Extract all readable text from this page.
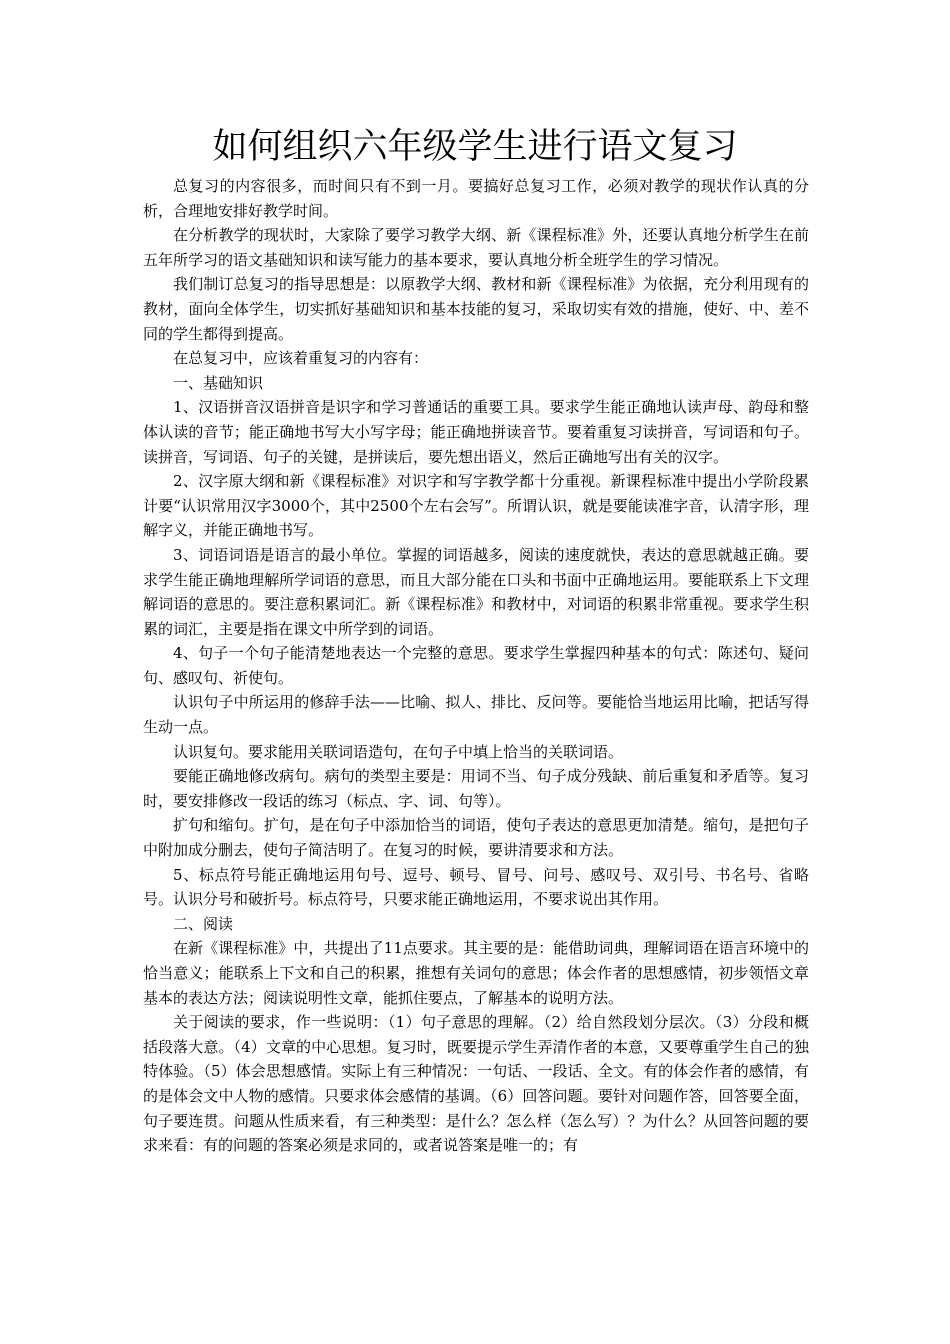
如何组织六年级学生进行语文复习

总复习的内容很多，而时间只有不到一月。要搞好总复习工作，必须对教学的现状作认真的分析，合理地安排好教学时间。

在分析教学的现状时，大家除了要学习教学大纲、新《课程标准》外，还要认真地分析学生在前五年所学习的语文基础知识和读写能力的基本要求，要认真地分析全班学生的学习情况。

我们制订总复习的指导思想是：以原教学大纲、教材和新《课程标准》为依据，充分利用现有的教材，面向全体学生，切实抓好基础知识和基本技能的复习，采取切实有效的措施，使好、中、差不同的学生都得到提高。

在总复习中，应该着重复习的内容有：

一、基础知识

1、汉语拼音汉语拼音是识字和学习普通话的重要工具。要求学生能正确地认读声母、韵母和整体认读的音节；能正确地书写大小写字母；能正确地拼读音节。要着重复习读拼音，写词语和句子。读拼音，写词语、句子的关键，是拼读后，要先想出语义，然后正确地写出有关的汉字。

2、汉字原大纲和新《课程标准》对识字和写字教学都十分重视。新课程标准中提出小学阶段累计要“认识常用汉字3000个，其中2500个左右会写”。所谓认识，就是要能读准字音，认清字形，理解字义，并能正确地书写。

3、词语词语是语言的最小单位。掌握的词语越多，阅读的速度就快，表达的意思就越正确。要求学生能正确地理解所学词语的意思，而且大部分能在口头和书面中正确地运用。要能联系上下文理解词语的意思的。要注意积累词汇。新《课程标准》和教材中，对词语的积累非常重视。要求学生积累的词汇，主要是指在课文中所学到的词语。

4、句子一个句子能清楚地表达一个完整的意思。要求学生掌握四种基本的句式：陈述句、疑问句、感叹句、祈使句。

认识句子中所运用的修辞手法——比喻、拟人、排比、反问等。要能恰当地运用比喻，把话写得生动一点。

认识复句。要求能用关联词语造句，在句子中填上恰当的关联词语。

要能正确地修改病句。病句的类型主要是：用词不当、句子成分残缺、前后重复和矛盾等。复习时，要安排修改一段话的练习（标点、字、词、句等）。

扩句和缩句。扩句，是在句子中添加恰当的词语，使句子表达的意思更加清楚。缩句，是把句子中附加成分删去，使句子简洁明了。在复习的时候，要讲清要求和方法。

5、标点符号能正确地运用句号、逗号、顿号、冒号、问号、感叹号、双引号、书名号、省略号。认识分号和破折号。标点符号，只要求能正确地运用，不要求说出其作用。

二、阅读

在新《课程标准》中，共提出了11点要求。其主要的是：能借助词典，理解词语在语言环境中的恰当意义；能联系上下文和自己的积累，推想有关词句的意思；体会作者的思想感情，初步领悟文章基本的表达方法；阅读说明性文章，能抓住要点，了解基本的说明方法。

关于阅读的要求，作一些说明：（1）句子意思的理解。（2）给自然段划分层次。（3）分段和概括段落大意。（4）文章的中心思想。复习时，既要提示学生弄清作者的本意，又要尊重学生自己的独特体验。（5）体会思想感情。实际上有三种情况：一句话、一段话、全文。有的体会作者的感情，有的是体会文中人物的感情。只要求体会感情的基调。（6）回答问题。要针对问题作答，回答要全面，句子要连贯。问题从性质来看，有三种类型：是什么？怎么样（怎么写）？为什么？从回答问题的要求来看：有的问题的答案必须是求同的，或者说答案是唯一的；有
